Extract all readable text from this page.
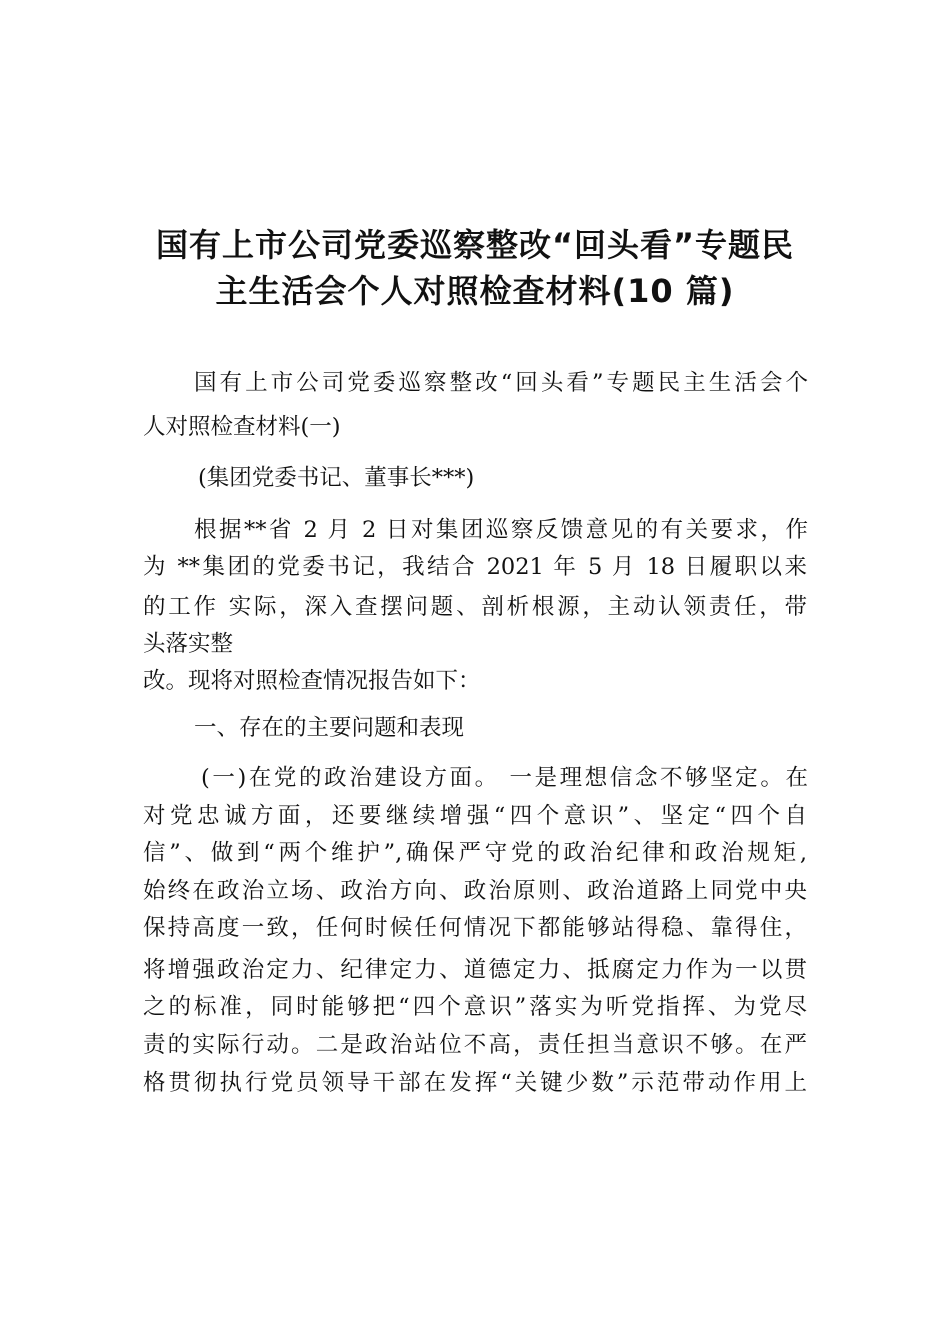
国有上市公司党委巡察整改“回头看”专题民
主生活会个人对照检查材料(10 篇)
国有上市公司党委巡察整改“回头看”专题民主生活会个
人对照检查材料(一)
(集团党委书记、董事长***)
根据**省 2 月 2 日对集团巡察反馈意见的有关要求，作
为 **集团的党委书记，我结合 2021 年 5 月 18 日履职以来
的工作 实际，深入查摆问题、剖析根源，主动认领责任，带
头落实整
改。现将对照检查情况报告如下：
一、存在的主要问题和表现
(一)在党的政治建设方面。 一是理想信念不够坚定。在
对党忠诚方面，还要继续增强“四个意识”、坚定“四个自
信”、做到“两个维护”,确保严守党的政治纪律和政治规矩,
始终在政治立场、政治方向、政治原则、政治道路上同党中央
保持高度一致，任何时候任何情况下都能够站得稳、靠得住，
将增强政治定力、纪律定力、道德定力、抵腐定力作为一以贯
之的标准，同时能够把“四个意识”落实为听党指挥、为党尽
责的实际行动。二是政治站位不高，责任担当意识不够。在严
格贯彻执行党员领导干部在发挥“关键少数”示范带动作用上
